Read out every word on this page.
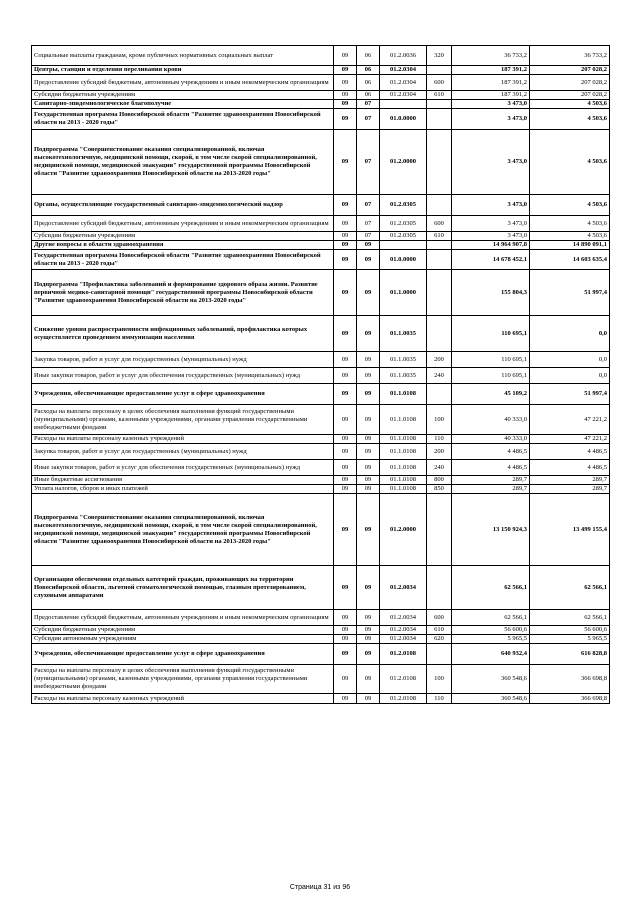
Социальные выплаты гражданам, кроме публичных нормативных социальных выплат	09	06	01.2.0036	320	36 733,2	36 733,2
Центры, станции и отделения переливания крови	09	06	01.2.0304		187 391,2	207 028,2
Предоставление субсидий бюджетным, автономным учреждениям и иным некоммерческим организациям	09	06	01.2.0304	600	187 391,2	207 028,2
Субсидии бюджетным учреждениям	09	06	01.2.0304	610	187 391,2	207 028,2
Санитарно-эпидемиологическое благополучие	09	07			3 473,0	4 503,6
Государственная программа Новосибирской области "Развитие здравоохранения Новосибирской области на 2013 - 2020 годы"	09	07	01.0.0000		3 473,0	4 503,6
Подпрограмма "Совершенствование оказания специализированной, включая высокотехнологичную, медицинской помощи, скорой, в том числе скорой специализированной, медицинской помощи, медицинской эвакуации" государственной программы Новосибирской области "Развитие здравоохранения Новосибирской области на 2013-2020 годы"	09	07	01.2.0000		3 473,0	4 503,6
Органы, осуществляющие государственный санитарно-эпидемиологический надзор	09	07	01.2.0305		3 473,0	4 503,6
Предоставление субсидий бюджетным, автономным учреждениям и иным некоммерческим организациям	09	07	01.2.0305	600	3 473,0	4 503,6
Субсидии бюджетным учреждениям	09	07	01.2.0305	610	3 473,0	4 503,6
Другие вопросы в области здравоохранения	09	09			14 964 907,8	14 890 091,1
Государственная программа Новосибирской области "Развитие здравоохранения Новосибирской области на 2013 - 2020 годы"	09	09	01.0.0000		14 678 452,1	14 603 635,4
Подпрограмма "Профилактика заболеваний и формирование здорового образа жизни. Развитие первичной медико-санитарной помощи" государственной программы Новосибирской области "Развитие здравоохранения Новосибирской области на 2013-2020 годы"	09	09	01.1.0000		155 804,3	51 997,4
Снижение уровня распространенности инфекционных заболеваний, профилактика которых осуществляется проведением иммунизации населения	09	09	01.1.0035		110 695,1	0,0
Закупка товаров, работ и услуг для государственных (муниципальных) нужд	09	09	01.1.0035	200	110 695,1	0,0
Иные закупки товаров, работ и услуг для обеспечения государственных (муниципальных) нужд	09	09	01.1.0035	240	110 695,1	0,0
Учреждения, обеспечивающие предоставление услуг в сфере здравоохранения	09	09	01.1.0108		45 109,2	51 997,4
Расходы на выплаты персоналу в целях обеспечения выполнения функций государственными (муниципальными) органами, казенными учреждениями, органами управления государственными внебюджетными фондами	09	09	01.1.0108	100	40 333,0	47 221,2
Расходы на выплаты персоналу казенных учреждений	09	09	01.1.0108	110	40 333,0	47 221,2
Закупка товаров, работ и услуг для государственных (муниципальных) нужд	09	09	01.1.0108	200	4 486,5	4 486,5
Иные закупки товаров, работ и услуг для обеспечения государственных (муниципальных) нужд	09	09	01.1.0108	240	4 486,5	4 486,5
Иные бюджетные ассигнования	09	09	01.1.0108	800	289,7	289,7
Уплата налогов, сборов и иных платежей	09	09	01.1.0108	850	289,7	289,7
Подпрограмма "Совершенствование оказания специализированной, включая высокотехнологичную, медицинской помощи, скорой, в том числе скорой специализированной, медицинской помощи, медицинской эвакуации" государственной программы Новосибирской области "Развитие здравоохранения Новосибирской области на 2013-2020 годы"	09	09	01.2.0000		13 150 924,3	13 499 155,4
Организация обеспечения отдельных категорий граждан, проживающих на территории Новосибирской области, льготной стоматологической помощью, глазным протезированием, слуховыми аппаратами	09	09	01.2.0034		62 566,1	62 566,1
Предоставление субсидий бюджетным, автономным учреждениям и иным некоммерческим организациям	09	09	01.2.0034	600	62 566,1	62 566,1
Субсидии бюджетным учреждениям	09	09	01.2.0034	610	56 600,6	56 600,6
Субсидии автономным учреждениям	09	09	01.2.0034	620	5 965,5	5 965,5
Учреждения, обеспечивающие предоставление услуг в сфере здравоохранения	09	09	01.2.0108		640 932,4	616 828,8
Расходы на выплаты персоналу в целях обеспечения выполнения функций государственными (муниципальными) органами, казенными учреждениями, органами управления государственными внебюджетными фондами	09	09	01.2.0108	100	360 548,6	366 698,8
Расходы на выплаты персоналу казенных учреждений	09	09	01.2.0108	110	360 548,6	366 698,8
Страница 31 из 96
